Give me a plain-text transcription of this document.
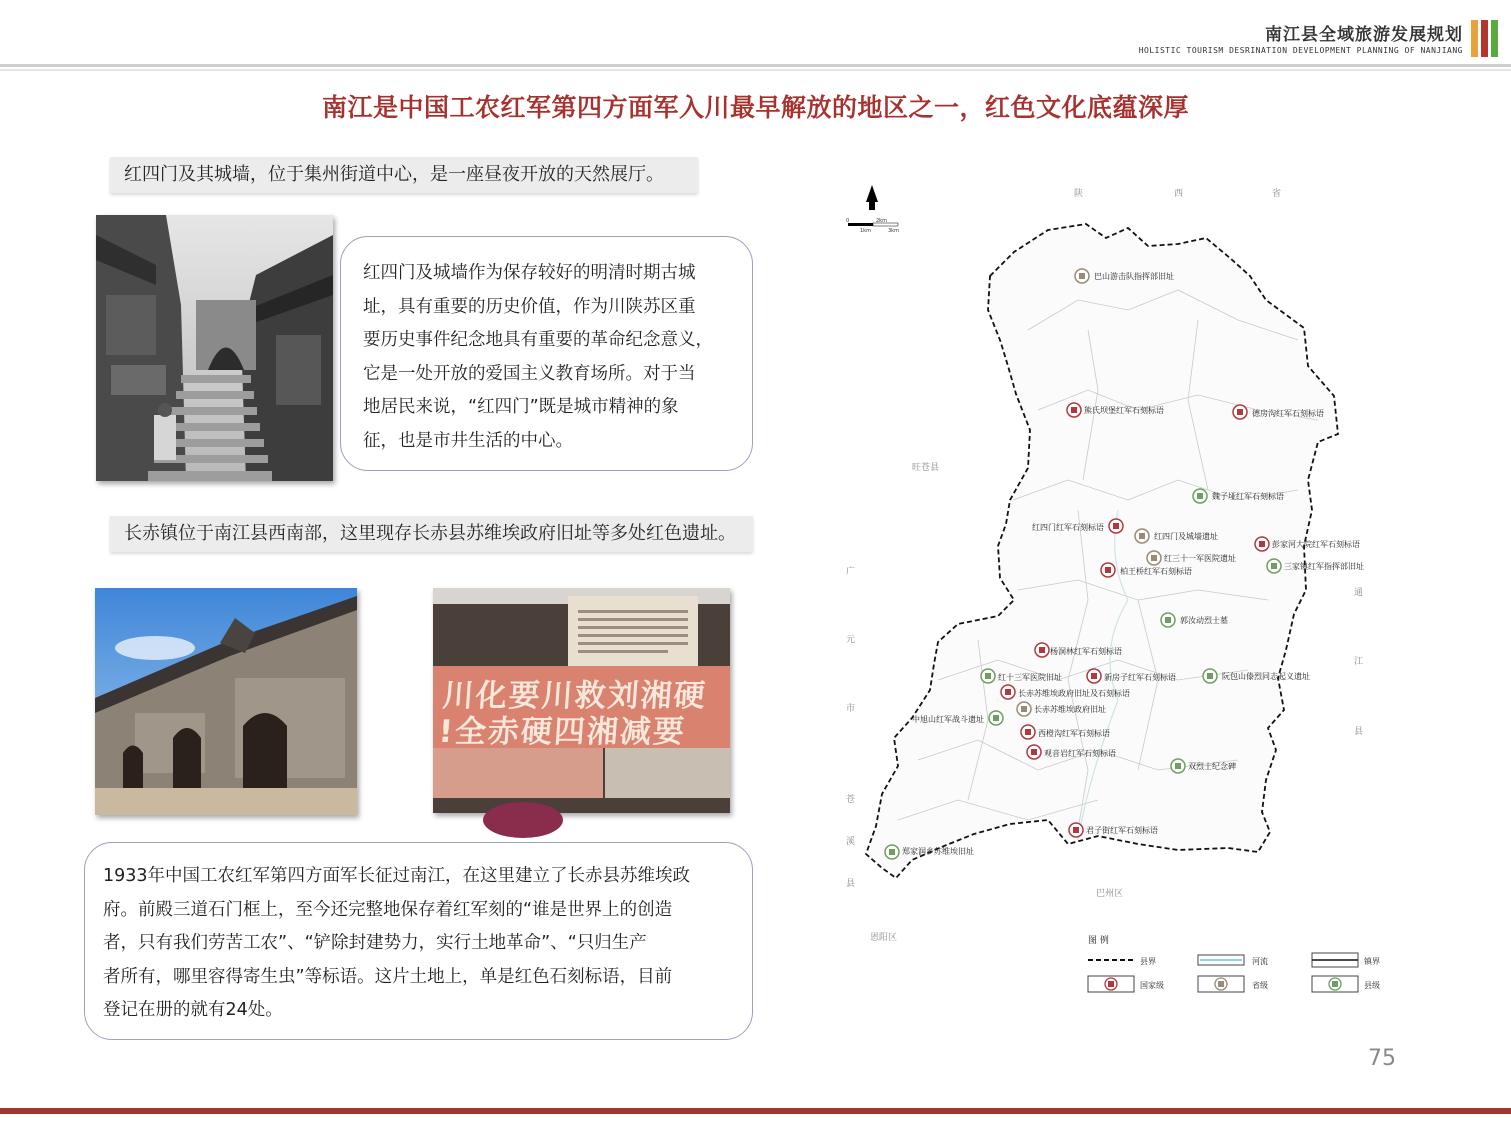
南江县全域旅游发展规划
HOLISTIC TOURISM DESRINATION DEVELOPMENT PLANNING OF NANJIANG
南江是中国工农红军第四方面军入川最早解放的地区之一，红色文化底蕴深厚
红四门及其城墙，位于集州街道中心，是一座昼夜开放的天然展厅。
红四门及城墙作为保存较好的明清时期古城
址，具有重要的历史价值，作为川陕苏区重
要历史事件纪念地具有重要的革命纪念意义，
它是一处开放的爱国主义教育场所。对于当
地居民来说，“红四门”既是城市精神的象
征，也是市井生活的中心。
长赤镇位于南江县西南部，这里现存长赤县苏维埃政府旧址等多处红色遗址。
川化要川救刘湘硬
!全赤硬四湘减要
1933年中国工农红军第四方面军长征过南江，在这里建立了长赤县苏维埃政
府。前殿三道石门框上，至今还完整地保存着红军刻的“谁是世界上的创造
者，只有我们劳苦工农”、“铲除封建势力，实行土地革命”、“只归生产
者所有，哪里容得寄生虫”等标语。这片土地上，单是红色石刻标语，目前
登记在册的就有24处。
陕	西	省
旺苍县
广
元
市
苍
溪
县
通
江
县
巴州区
恩阳区
0	2km
1km	3km
巴山游击队指挥部旧址
熊氏坝堡红军石刻标语	德房沟红军石刻标语
魏子垭红军石刻标语
红四门红军石刻标语
红四门及城墙遗址
红三十一军医院遗址
彭家河大院红军石刻标语
三家镇红军指挥部旧址
柏王桥红军石刻标语
郭汝动烈士墓
杨洞林红军石刻标语
红十三军医院旧址	新房子红军石刻标语	阮包山傣烈同志起义遗址
长赤苏维埃政府旧址及石刻标语
长赤苏维埃政府旧址
中旭山红军战斗遗址
西橙沟红军石刻标语
观音岩红军石刻标语
双烈士纪念碑
君子街红军石刻标语
郑家润乡苏维埃旧址
图 例
县界	河流	镇界
国家级	省级	县级
75
